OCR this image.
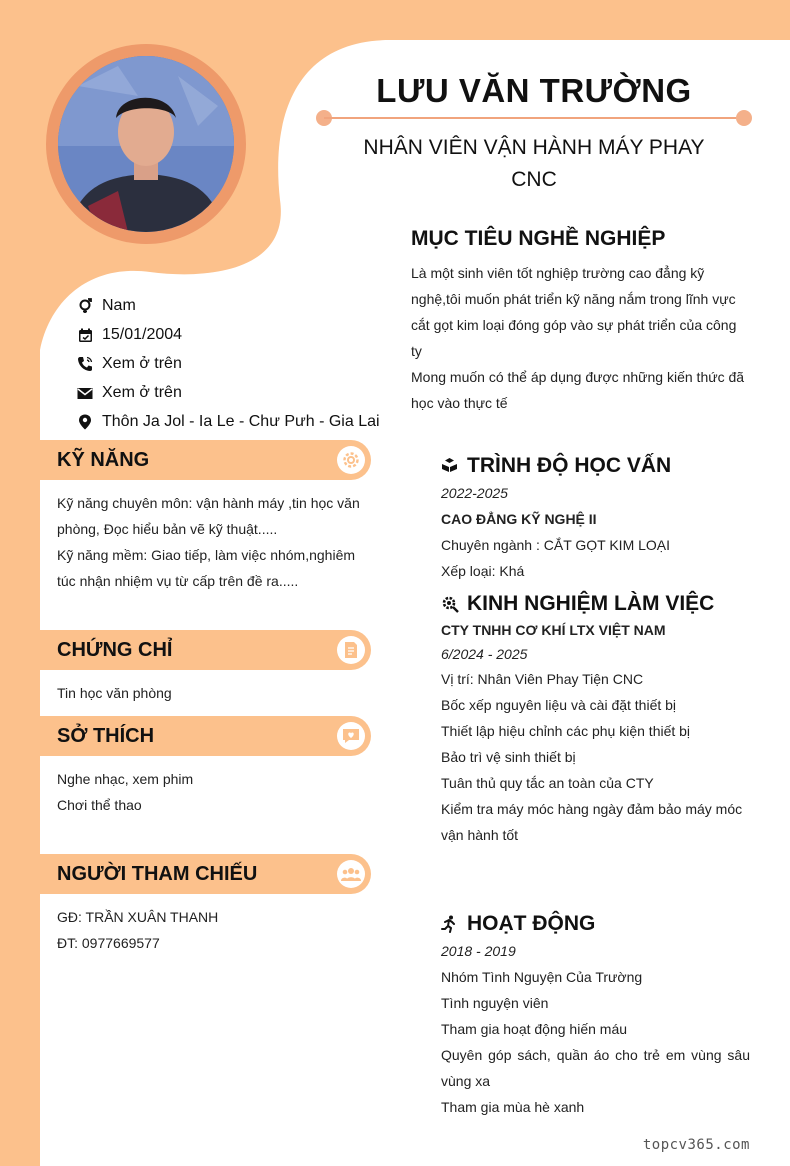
LƯU VĂN TRƯỜNG
NHÂN VIÊN VẬN HÀNH MÁY PHAY
CNC
Nam
15/01/2004
Xem ở trên
Xem ở trên
Thôn Ja Jol - Ia Le - Chư Pưh - Gia Lai
KỸ NĂNG
Kỹ năng chuyên môn: vận hành máy ,tin học văn
phòng, Đọc hiểu bản vẽ kỹ thuật.....
Kỹ năng mềm: Giao tiếp, làm việc nhóm,nghiêm
túc nhận nhiệm vụ từ cấp trên đề ra.....
CHỨNG CHỈ
Tin học văn phòng
SỞ THÍCH
Nghe nhạc, xem phim
Chơi thể thao
NGƯỜI THAM CHIẾU
GĐ: TRẦN XUÂN THANH
ĐT: 0977669577
MỤC TIÊU NGHỀ NGHIỆP
Là một sinh viên tốt nghiệp trường cao đẳng kỹ
nghệ,tôi muốn phát triển kỹ năng nắm trong lĩnh vực
cắt gọt kim loại đóng góp vào sự phát triển của công
ty
Mong muốn có thể áp dụng được những kiến thức đã
học vào thực tế
TRÌNH ĐỘ HỌC VẤN
2022-2025
CAO ĐẲNG KỸ NGHỆ II
Chuyên ngành : CẮT GỌT KIM LOẠI
Xếp loại: Khá
KINH NGHIỆM LÀM VIỆC
CTY TNHH CƠ KHÍ LTX VIỆT NAM
6/2024 - 2025
Vị trí: Nhân Viên Phay Tiện CNC
Bốc xếp nguyên liệu và cài đặt thiết bị
Thiết lập hiệu chỉnh các phụ kiện thiết bị
Bảo trì vệ sinh thiết bị
Tuân thủ quy tắc an toàn của CTY
Kiểm tra máy móc hàng ngày đảm bảo máy móc
vận hành tốt
HOẠT ĐỘNG
2018 - 2019
Nhóm Tình Nguyện Của Trường
Tình nguyện viên
Tham gia hoạt động hiến máu
Quyên góp sách, quần áo cho trẻ em vùng sâu
vùng xa
Tham gia mùa hè xanh
topcv365.com
